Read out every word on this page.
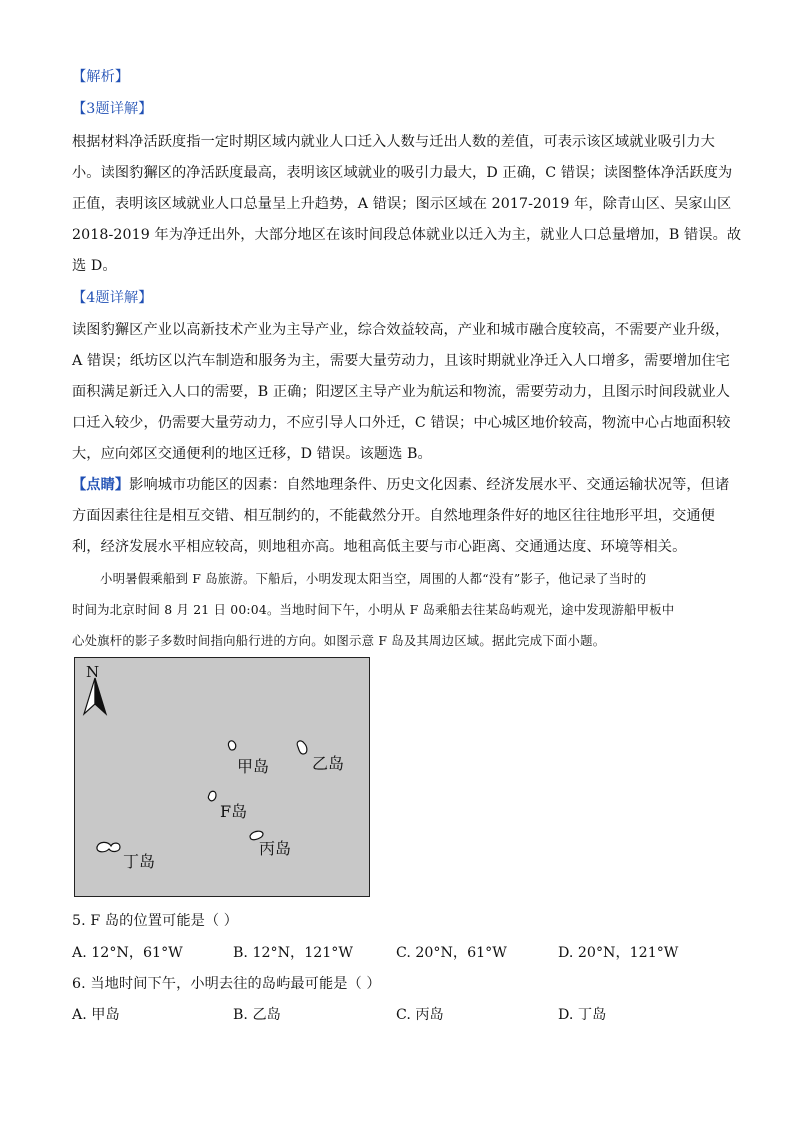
【解析】
【3题详解】
根据材料净活跃度指一定时期区域内就业人口迁入人数与迁出人数的差值，可表示该区域就业吸引力大
小。读图豹獬区的净活跃度最高，表明该区域就业的吸引力最大，D 正确，C 错误；读图整体净活跃度为
正值，表明该区域就业人口总量呈上升趋势，A 错误；图示区域在 2017-2019 年，除青山区、吴家山区
2018-2019 年为净迁出外，大部分地区在该时间段总体就业以迁入为主，就业人口总量增加，B 错误。故
选 D。
【4题详解】
读图豹獬区产业以高新技术产业为主导产业，综合效益较高，产业和城市融合度较高，不需要产业升级，
A 错误；纸坊区以汽车制造和服务为主，需要大量劳动力，且该时期就业净迁入人口增多，需要增加住宅
面积满足新迁入人口的需要，B 正确；阳逻区主导产业为航运和物流，需要劳动力，且图示时间段就业人
口迁入较少，仍需要大量劳动力，不应引导人口外迁，C 错误；中心城区地价较高，物流中心占地面积较
大，应向郊区交通便利的地区迁移，D 错误。该题选 B。
【点睛】影响城市功能区的因素：自然地理条件、历史文化因素、经济发展水平、交通运输状况等，但诸
方面因素往往是相互交错、相互制约的，不能截然分开。自然地理条件好的地区往往地形平坦，交通便
利，经济发展水平相应较高，则地租亦高。地租高低主要与市心距离、交通通达度、环境等相关。
小明暑假乘船到 F 岛旅游。下船后，小明发现太阳当空，周围的人都“没有”影子，他记录了当时的
时间为北京时间 8 月 21 日 00:04。当地时间下午，小明从 F 岛乘船去往某岛屿观光，途中发现游船甲板中
心处旗杆的影子多数时间指向船行进的方向。如图示意 F 岛及其周边区域。据此完成下面小题。
N
甲岛	乙岛
F岛
丙岛
丁岛
5. F 岛的位置可能是（ ）
A. 12°N，61°W	B. 12°N，121°W	C. 20°N，61°W	D. 20°N，121°W
6. 当地时间下午，小明去往的岛屿最可能是（ ）
A. 甲岛	B. 乙岛	C. 丙岛	D. 丁岛
